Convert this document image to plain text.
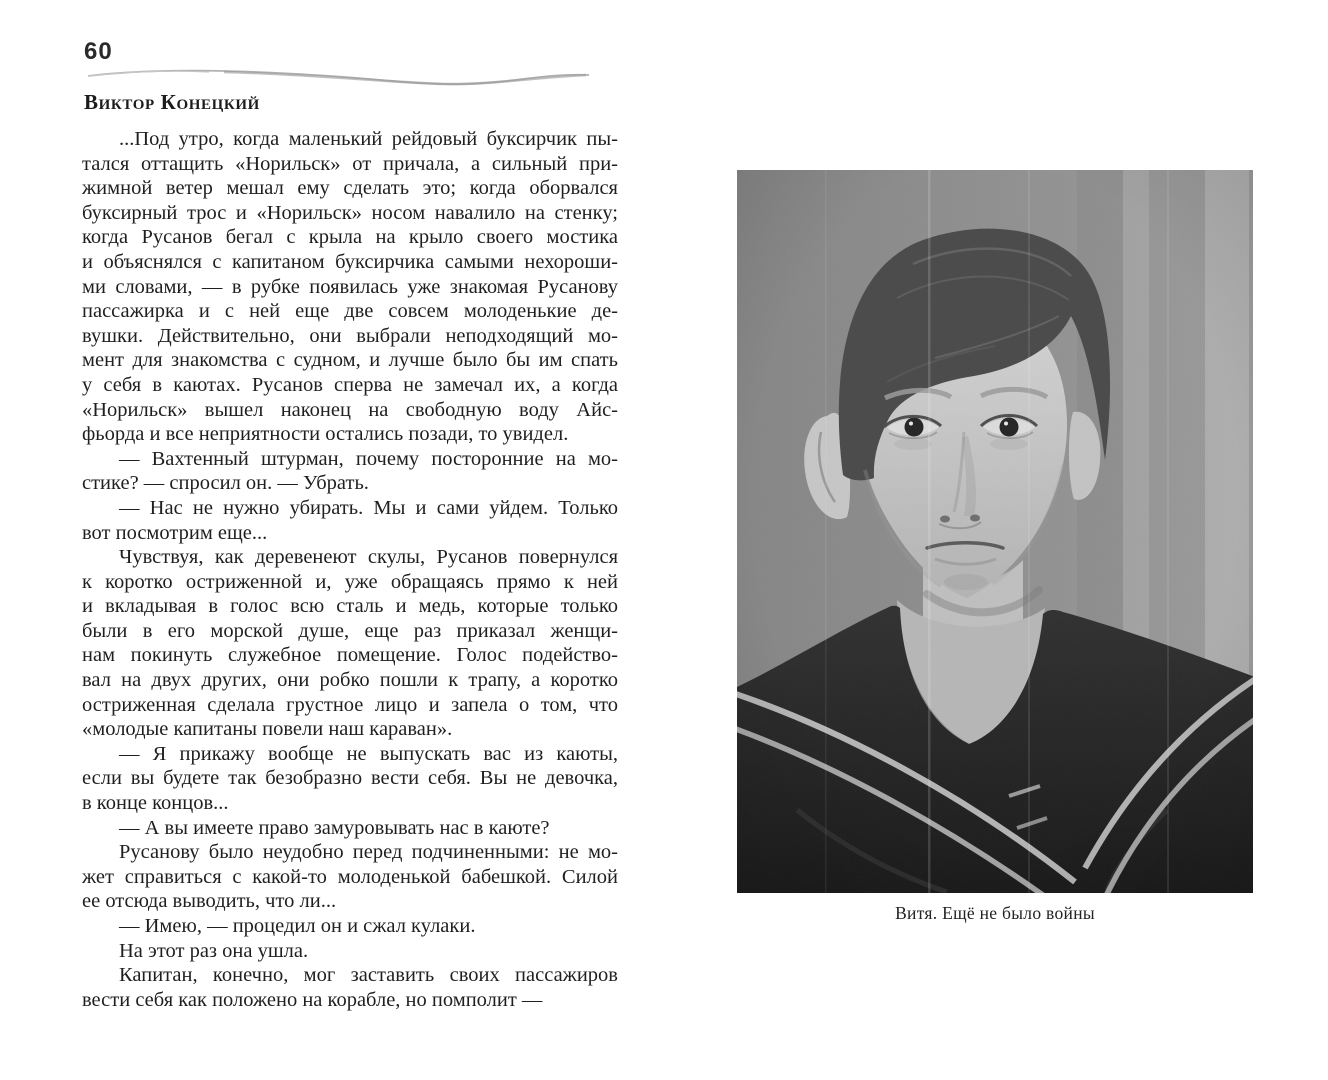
60
Виктор Конецкий
...Под утро, когда маленький рейдовый буксирчик пы-
тался оттащить «Норильск» от причала, а сильный при-
жимной ветер мешал ему сделать это; когда оборвался
буксирный трос и «Норильск» носом навалило на стенку;
когда Русанов бегал с крыла на крыло своего мостика
и объяснялся с капитаном буксирчика самыми нехороши-
ми словами, — в рубке появилась уже знакомая Русанову
пассажирка и с ней еще две совсем молоденькие де-
вушки. Действительно, они выбрали неподходящий мо-
мент для знакомства с судном, и лучше было бы им спать
у себя в каютах. Русанов сперва не замечал их, а когда
«Норильск» вышел наконец на свободную воду Айс-
фьорда и все неприятности остались позади, то увидел.
— Вахтенный штурман, почему посторонние на мо-
стике? — спросил он. — Убрать.
— Нас не нужно убирать. Мы и сами уйдем. Только
вот посмотрим еще...
Чувствуя, как деревенеют скулы, Русанов повернулся
к коротко остриженной и, уже обращаясь прямо к ней
и вкладывая в голос всю сталь и медь, которые только
были в его морской душе, еще раз приказал женщи-
нам покинуть служебное помещение. Голос подейство-
вал на двух других, они робко пошли к трапу, а коротко
остриженная сделала грустное лицо и запела о том, что
«молодые капитаны повели наш караван».
— Я прикажу вообще не выпускать вас из каюты,
если вы будете так безобразно вести себя. Вы не девочка,
в конце концов...
— А вы имеете право замуровывать нас в каюте?
Русанову было неудобно перед подчиненными: не мо-
жет справиться с какой-то молоденькой бабешкой. Силой
ее отсюда выводить, что ли...
— Имею, — процедил он и сжал кулаки.
На этот раз она ушла.
Капитан, конечно, мог заставить своих пассажиров
вести себя как положено на корабле, но помполит —
Витя. Ещё не было войны
